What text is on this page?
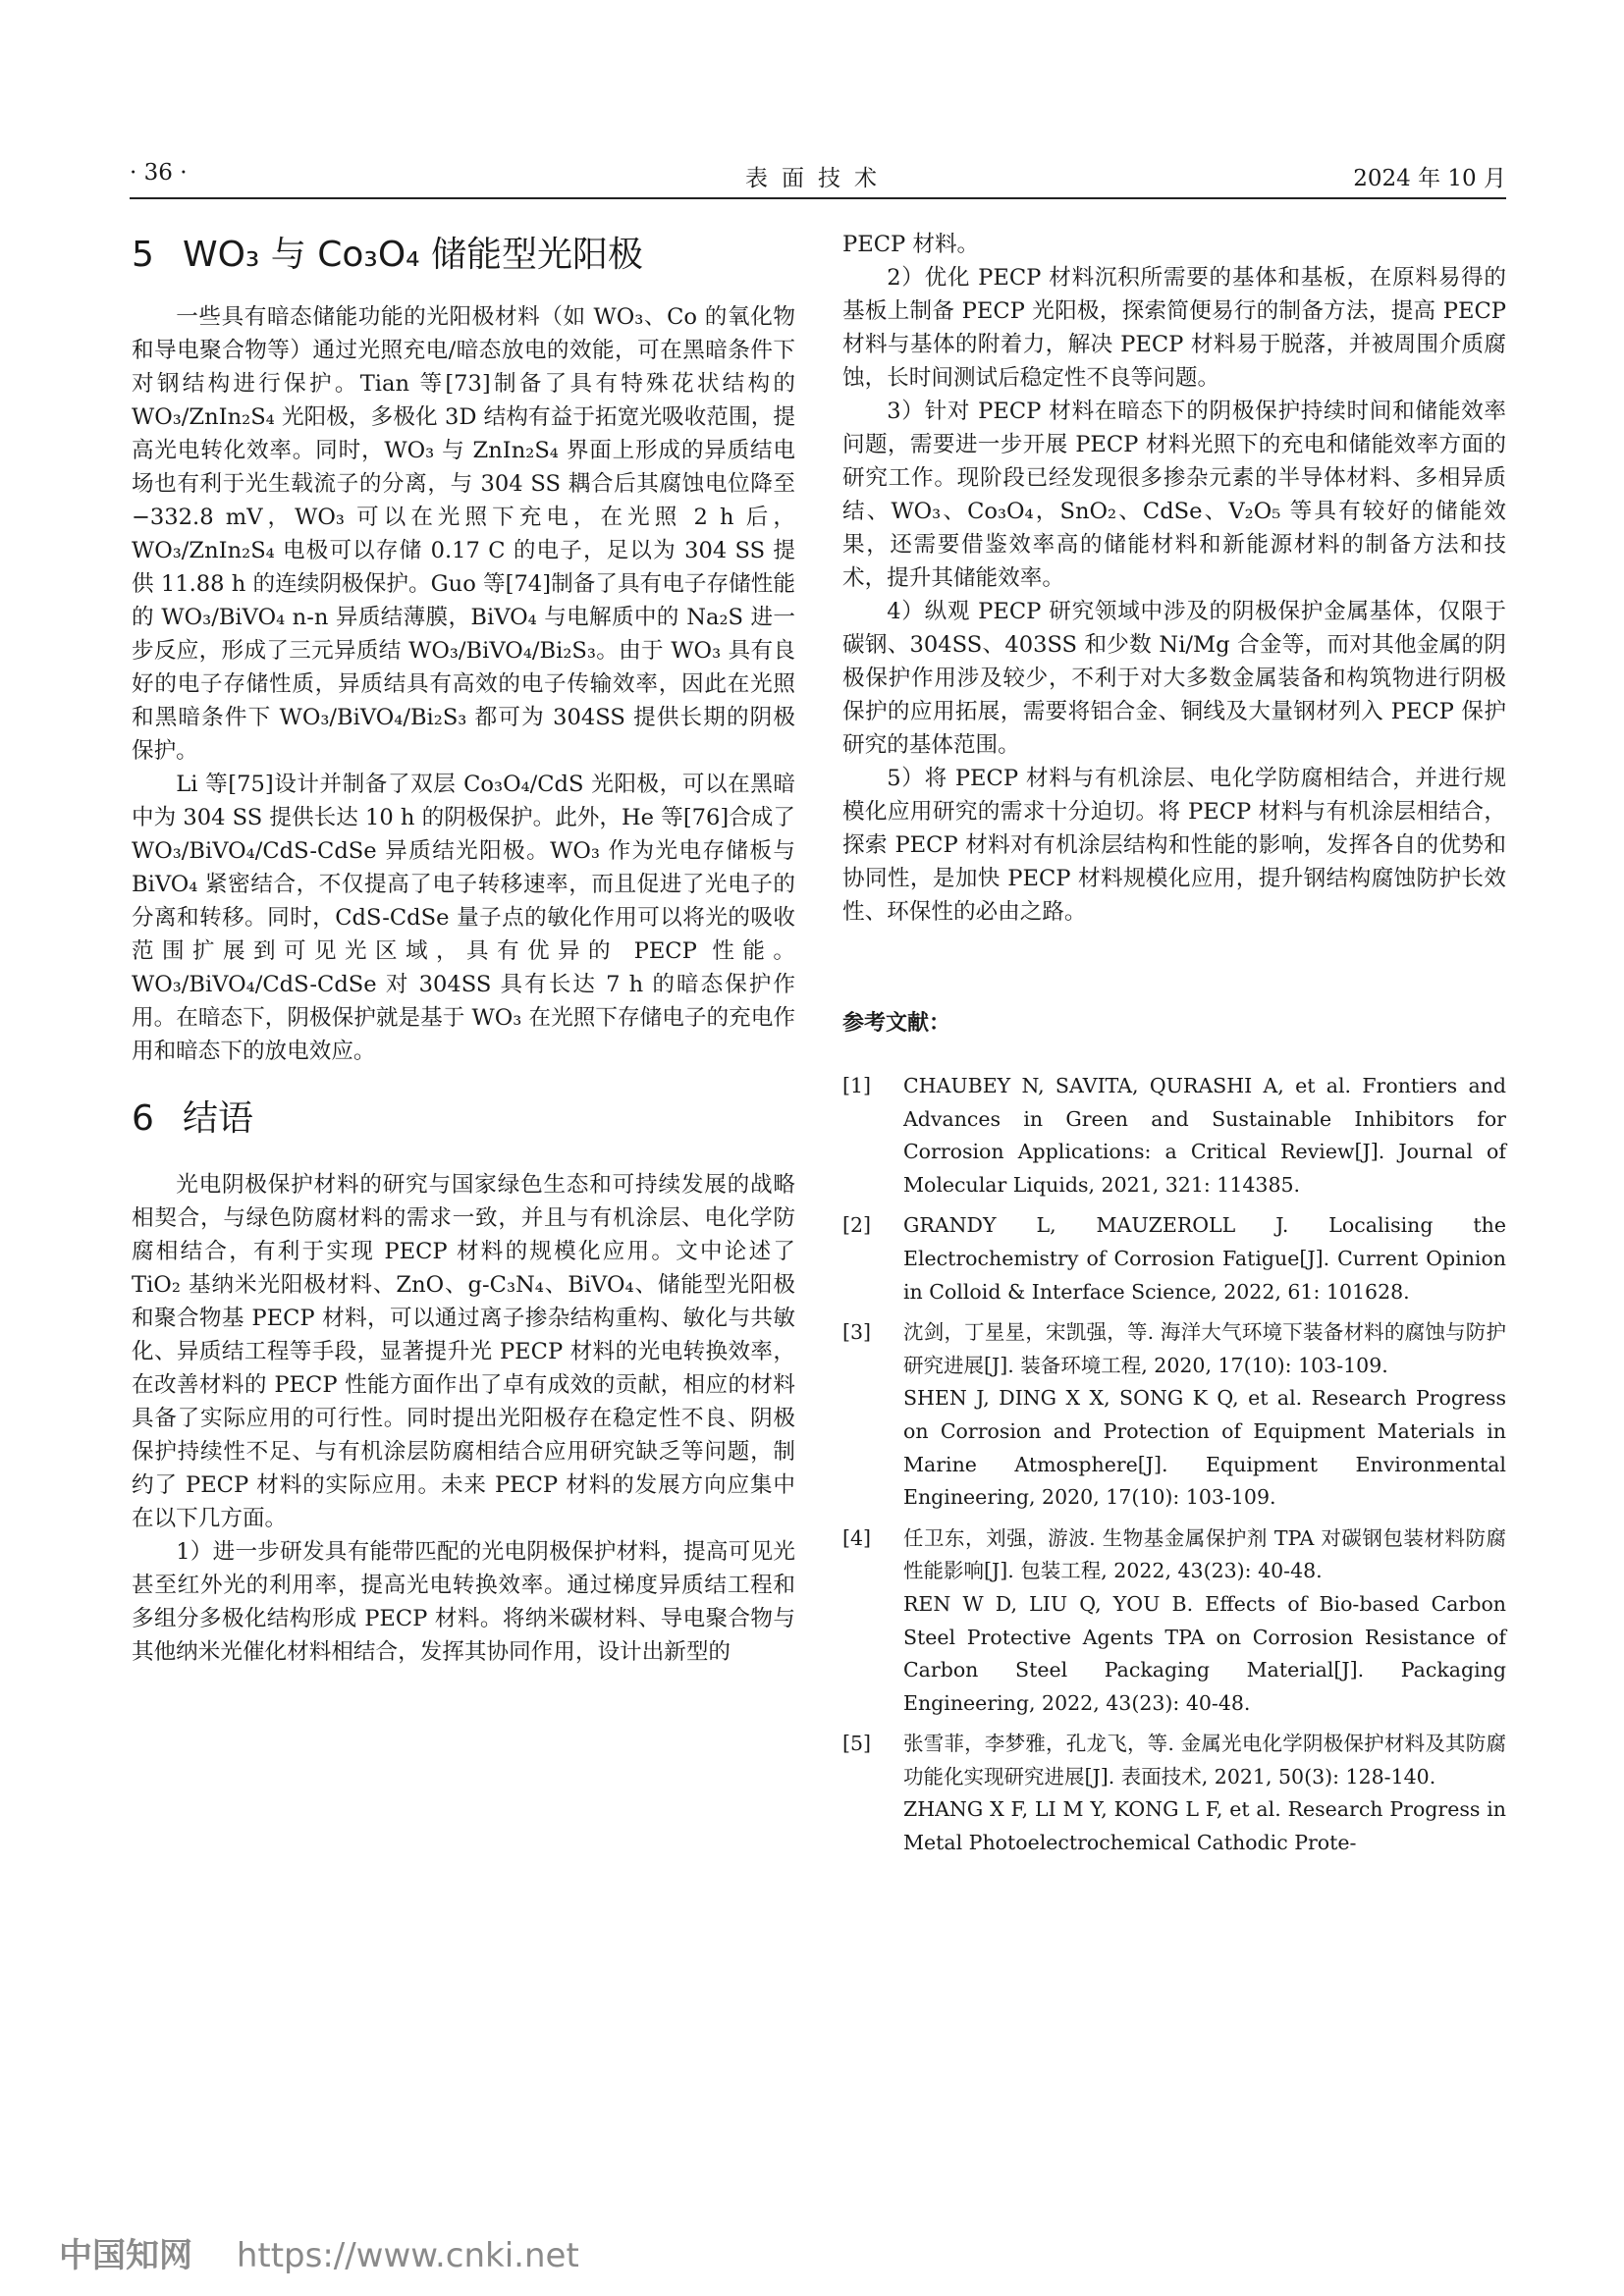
· 36 ·	表面技术	2024 年 10 月
5 WO₃ 与 Co₃O₄ 储能型光阳极

一些具有暗态储能功能的光阳极材料（如 WO₃、Co 的氧化物和导电聚合物等）通过光照充电/暗态放电的效能，可在黑暗条件下对钢结构进行保护。Tian 等[73]制备了具有特殊花状结构的 WO₃/ZnIn₂S₄ 光阳极，多极化 3D 结构有益于拓宽光吸收范围，提高光电转化效率。同时，WO₃ 与 ZnIn₂S₄ 界面上形成的异质结电场也有利于光生载流子的分离，与 304 SS 耦合后其腐蚀电位降至−332.8 mV，WO₃ 可以在光照下充电，在光照 2 h 后，WO₃/ZnIn₂S₄ 电极可以存储 0.17 C 的电子，足以为 304 SS 提供 11.88 h 的连续阴极保护。Guo 等[74]制备了具有电子存储性能的 WO₃/BiVO₄ n-n 异质结薄膜，BiVO₄ 与电解质中的 Na₂S 进一步反应，形成了三元异质结 WO₃/BiVO₄/Bi₂S₃。由于 WO₃ 具有良好的电子存储性质，异质结具有高效的电子传输效率，因此在光照和黑暗条件下 WO₃/BiVO₄/Bi₂S₃ 都可为 304SS 提供长期的阴极保护。

Li 等[75]设计并制备了双层 Co₃O₄/CdS 光阳极，可以在黑暗中为 304 SS 提供长达 10 h 的阴极保护。此外，He 等[76]合成了 WO₃/BiVO₄/CdS-CdSe 异质结光阳极。WO₃ 作为光电存储板与 BiVO₄ 紧密结合，不仅提高了电子转移速率，而且促进了光电子的分离和转移。同时，CdS-CdSe 量子点的敏化作用可以将光的吸收范围扩展到可见光区域，具有优异的 PECP 性能。WO₃/BiVO₄/CdS-CdSe 对 304SS 具有长达 7 h 的暗态保护作用。在暗态下，阴极保护就是基于 WO₃ 在光照下存储电子的充电作用和暗态下的放电效应。

6 结语

光电阴极保护材料的研究与国家绿色生态和可持续发展的战略相契合，与绿色防腐材料的需求一致，并且与有机涂层、电化学防腐相结合，有利于实现 PECP 材料的规模化应用。文中论述了 TiO₂ 基纳米光阳极材料、ZnO、g-C₃N₄、BiVO₄、储能型光阳极和聚合物基 PECP 材料，可以通过离子掺杂结构重构、敏化与共敏化、异质结工程等手段，显著提升光 PECP 材料的光电转换效率，在改善材料的 PECP 性能方面作出了卓有成效的贡献，相应的材料具备了实际应用的可行性。同时提出光阳极存在稳定性不良、阴极保护持续性不足、与有机涂层防腐相结合应用研究缺乏等问题，制约了 PECP 材料的实际应用。未来 PECP 材料的发展方向应集中在以下几方面。

1）进一步研发具有能带匹配的光电阴极保护材料，提高可见光甚至红外光的利用率，提高光电转换效率。通过梯度异质结工程和多组分多极化结构形成 PECP 材料。将纳米碳材料、导电聚合物与其他纳米光催化材料相结合，发挥其协同作用，设计出新型的

PECP 材料。

2）优化 PECP 材料沉积所需要的基体和基板，在原料易得的基板上制备 PECP 光阳极，探索简便易行的制备方法，提高 PECP 材料与基体的附着力，解决 PECP 材料易于脱落，并被周围介质腐蚀，长时间测试后稳定性不良等问题。

3）针对 PECP 材料在暗态下的阴极保护持续时间和储能效率问题，需要进一步开展 PECP 材料光照下的充电和储能效率方面的研究工作。现阶段已经发现很多掺杂元素的半导体材料、多相异质结、WO₃、Co₃O₄，SnO₂、CdSe、V₂O₅ 等具有较好的储能效果，还需要借鉴效率高的储能材料和新能源材料的制备方法和技术，提升其储能效率。

4）纵观 PECP 研究领域中涉及的阴极保护金属基体，仅限于碳钢、304SS、403SS 和少数 Ni/Mg 合金等，而对其他金属的阴极保护作用涉及较少，不利于对大多数金属装备和构筑物进行阴极保护的应用拓展，需要将铝合金、铜线及大量钢材列入 PECP 保护研究的基体范围。

5）将 PECP 材料与有机涂层、电化学防腐相结合，并进行规模化应用研究的需求十分迫切。将 PECP 材料与有机涂层相结合，探索 PECP 材料对有机涂层结构和性能的影响，发挥各自的优势和协同性，是加快 PECP 材料规模化应用，提升钢结构腐蚀防护长效性、环保性的必由之路。

参考文献：
[1] CHAUBEY N, SAVITA, QURASHI A, et al. Frontiers and Advances in Green and Sustainable Inhibitors for Corrosion Applications: a Critical Review[J]. Journal of Molecular Liquids, 2021, 321: 114385.
[2] GRANDY L, MAUZEROLL J. Localising the Electrochemistry of Corrosion Fatigue[J]. Current Opinion in Colloid & Interface Science, 2022, 61: 101628.
[3] 沈剑，丁星星，宋凯强，等. 海洋大气环境下装备材料的腐蚀与防护研究进展[J]. 装备环境工程, 2020, 17(10): 103-109.
SHEN J, DING X X, SONG K Q, et al. Research Progress on Corrosion and Protection of Equipment Materials in Marine Atmosphere[J]. Equipment Environmental Engineering, 2020, 17(10): 103-109.
[4] 任卫东，刘强，游波. 生物基金属保护剂 TPA 对碳钢包装材料防腐性能影响[J]. 包装工程, 2022, 43(23): 40-48.
REN W D, LIU Q, YOU B. Effects of Bio-based Carbon Steel Protective Agents TPA on Corrosion Resistance of Carbon Steel Packaging Material[J]. Packaging Engineering, 2022, 43(23): 40-48.
[5] 张雪菲，李梦雅，孔龙飞，等. 金属光电化学阴极保护材料及其防腐功能化实现研究进展[J]. 表面技术, 2021, 50(3): 128-140.
ZHANG X F, LI M Y, KONG L F, et al. Research Progress in Metal Photoelectrochemical Cathodic Prote-
中国知网 https://www.cnki.net
